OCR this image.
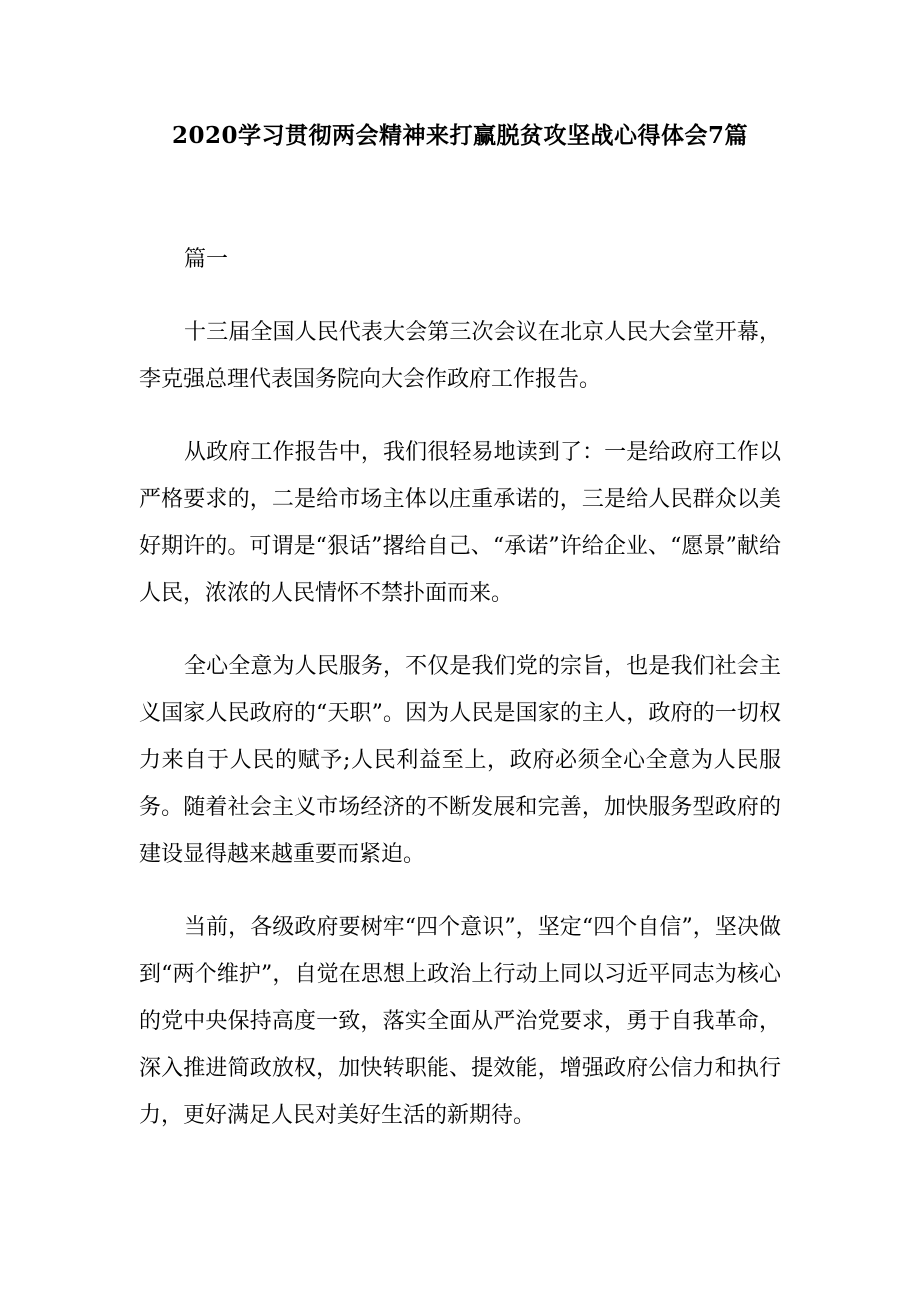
2020学习贯彻两会精神来打赢脱贫攻坚战心得体会7篇

篇一

十三届全国人民代表大会第三次会议在北京人民大会堂开幕，李克强总理代表国务院向大会作政府工作报告。

从政府工作报告中，我们很轻易地读到了：一是给政府工作以严格要求的，二是给市场主体以庄重承诺的，三是给人民群众以美好期许的。可谓是“狠话”撂给自己、“承诺”许给企业、“愿景”献给人民，浓浓的人民情怀不禁扑面而来。

全心全意为人民服务，不仅是我们党的宗旨，也是我们社会主义国家人民政府的“天职”。因为人民是国家的主人，政府的一切权力来自于人民的赋予;人民利益至上，政府必须全心全意为人民服务。随着社会主义市场经济的不断发展和完善，加快服务型政府的建设显得越来越重要而紧迫。

当前，各级政府要树牢“四个意识”，坚定“四个自信”，坚决做到“两个维护”，自觉在思想上政治上行动上同以习近平同志为核心的党中央保持高度一致，落实全面从严治党要求，勇于自我革命，深入推进简政放权，加快转职能、提效能，增强政府公信力和执行力，更好满足人民对美好生活的新期待。
